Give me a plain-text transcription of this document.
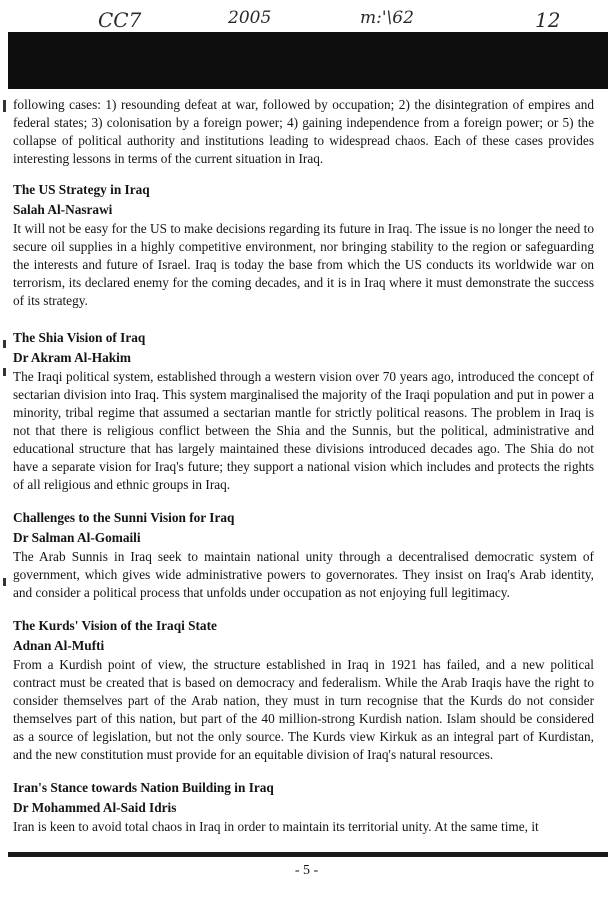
CC7	2005	m:'\62	12

following cases: 1) resounding defeat at war, followed by occupation; 2) the disintegration of empires and federal states; 3) colonisation by a foreign power; 4) gaining independence from a foreign power; or 5) the collapse of political authority and institutions leading to widespread chaos. Each of these cases provides interesting lessons in terms of the current situation in Iraq.

The US Strategy in Iraq
Salah Al-Nasrawi

It will not be easy for the US to make decisions regarding its future in Iraq. The issue is no longer the need to secure oil supplies in a highly competitive environment, nor bringing stability to the region or safeguarding the interests and future of Israel. Iraq is today the base from which the US conducts its worldwide war on terrorism, its declared enemy for the coming decades, and it is in Iraq where it must demonstrate the success of its strategy.

The Shia Vision of Iraq
Dr Akram Al-Hakim

The Iraqi political system, established through a western vision over 70 years ago, introduced the concept of sectarian division into Iraq. This system marginalised the majority of the Iraqi population and put in power a minority, tribal regime that assumed a sectarian mantle for strictly political reasons. The problem in Iraq is not that there is religious conflict between the Shia and the Sunnis, but the political, administrative and educational structure that has largely maintained these divisions introduced decades ago. The Shia do not have a separate vision for Iraq's future; they support a national vision which includes and protects the rights of all religious and ethnic groups in Iraq.

Challenges to the Sunni Vision for Iraq
Dr Salman Al-Gomaili

The Arab Sunnis in Iraq seek to maintain national unity through a decentralised democratic system of government, which gives wide administrative powers to governorates. They insist on Iraq's Arab identity, and consider a political process that unfolds under occupation as not enjoying full legitimacy.

The Kurds' Vision of the Iraqi State
Adnan Al-Mufti

From a Kurdish point of view, the structure established in Iraq in 1921 has failed, and a new political contract must be created that is based on democracy and federalism. While the Arab Iraqis have the right to consider themselves part of the Arab nation, they must in turn recognise that the Kurds do not consider themselves part of this nation, but part of the 40 million-strong Kurdish nation. Islam should be considered as a source of legislation, but not the only source. The Kurds view Kirkuk as an integral part of Kurdistan, and the new constitution must provide for an equitable division of Iraq's natural resources.

Iran's Stance towards Nation Building in Iraq
Dr Mohammed Al-Said Idris

Iran is keen to avoid total chaos in Iraq in order to maintain its territorial unity. At the same time, it

- 5 -
